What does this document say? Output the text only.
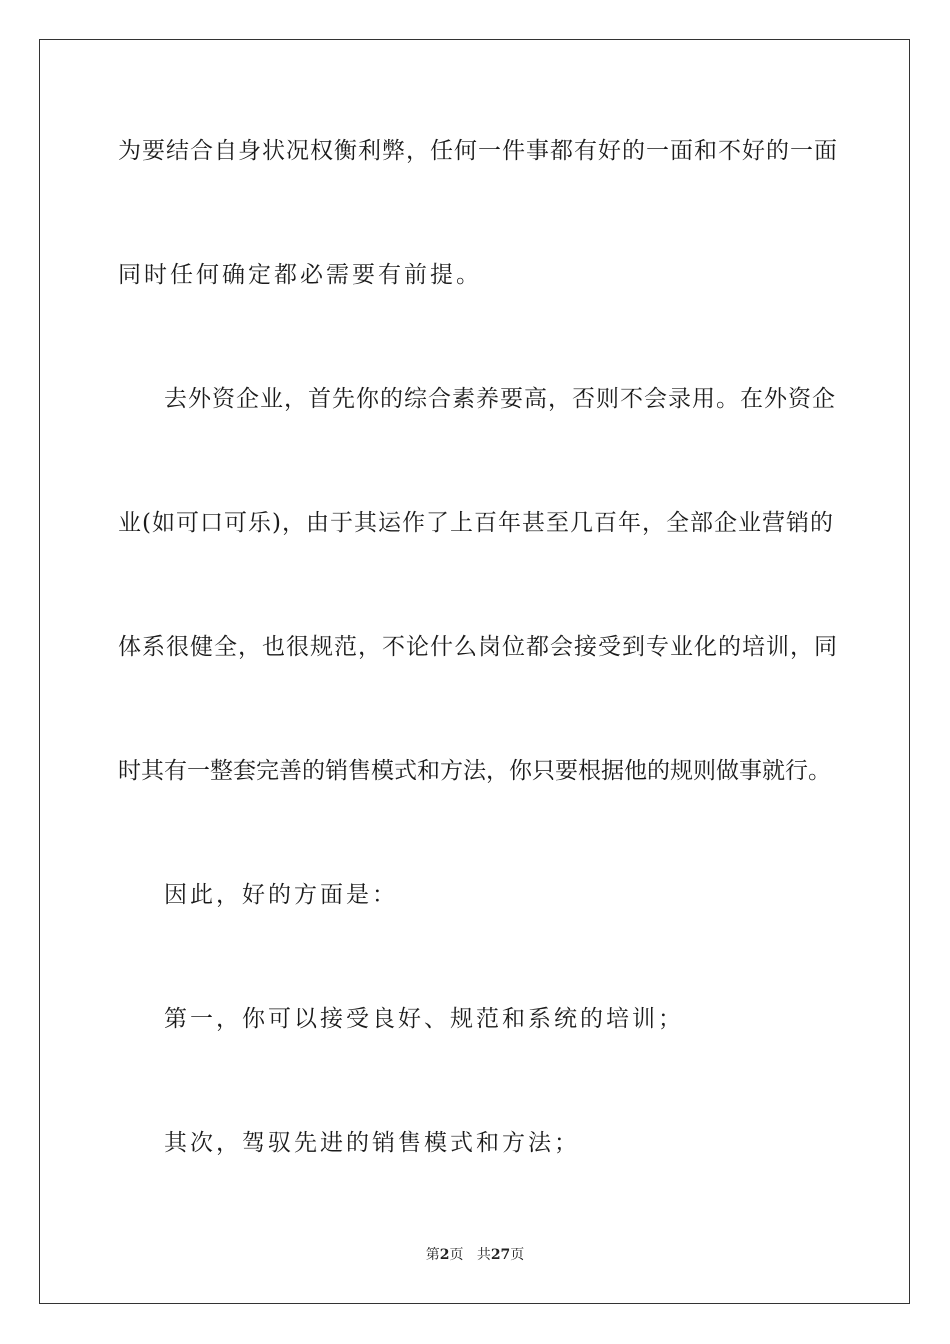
为要结合自身状况权衡利弊，任何一件事都有好的一面和不好的一面
同时任何确定都必需要有前提。
去外资企业，首先你的综合素养要高，否则不会录用。在外资企
业(如可口可乐)，由于其运作了上百年甚至几百年，全部企业营销的
体系很健全，也很规范，不论什么岗位都会接受到专业化的培训，同
时其有一整套完善的销售模式和方法，你只要根据他的规则做事就行。
因此，好的方面是：
第一，你可以接受良好、规范和系统的培训；
其次，驾驭先进的销售模式和方法；
第2页 共27页
